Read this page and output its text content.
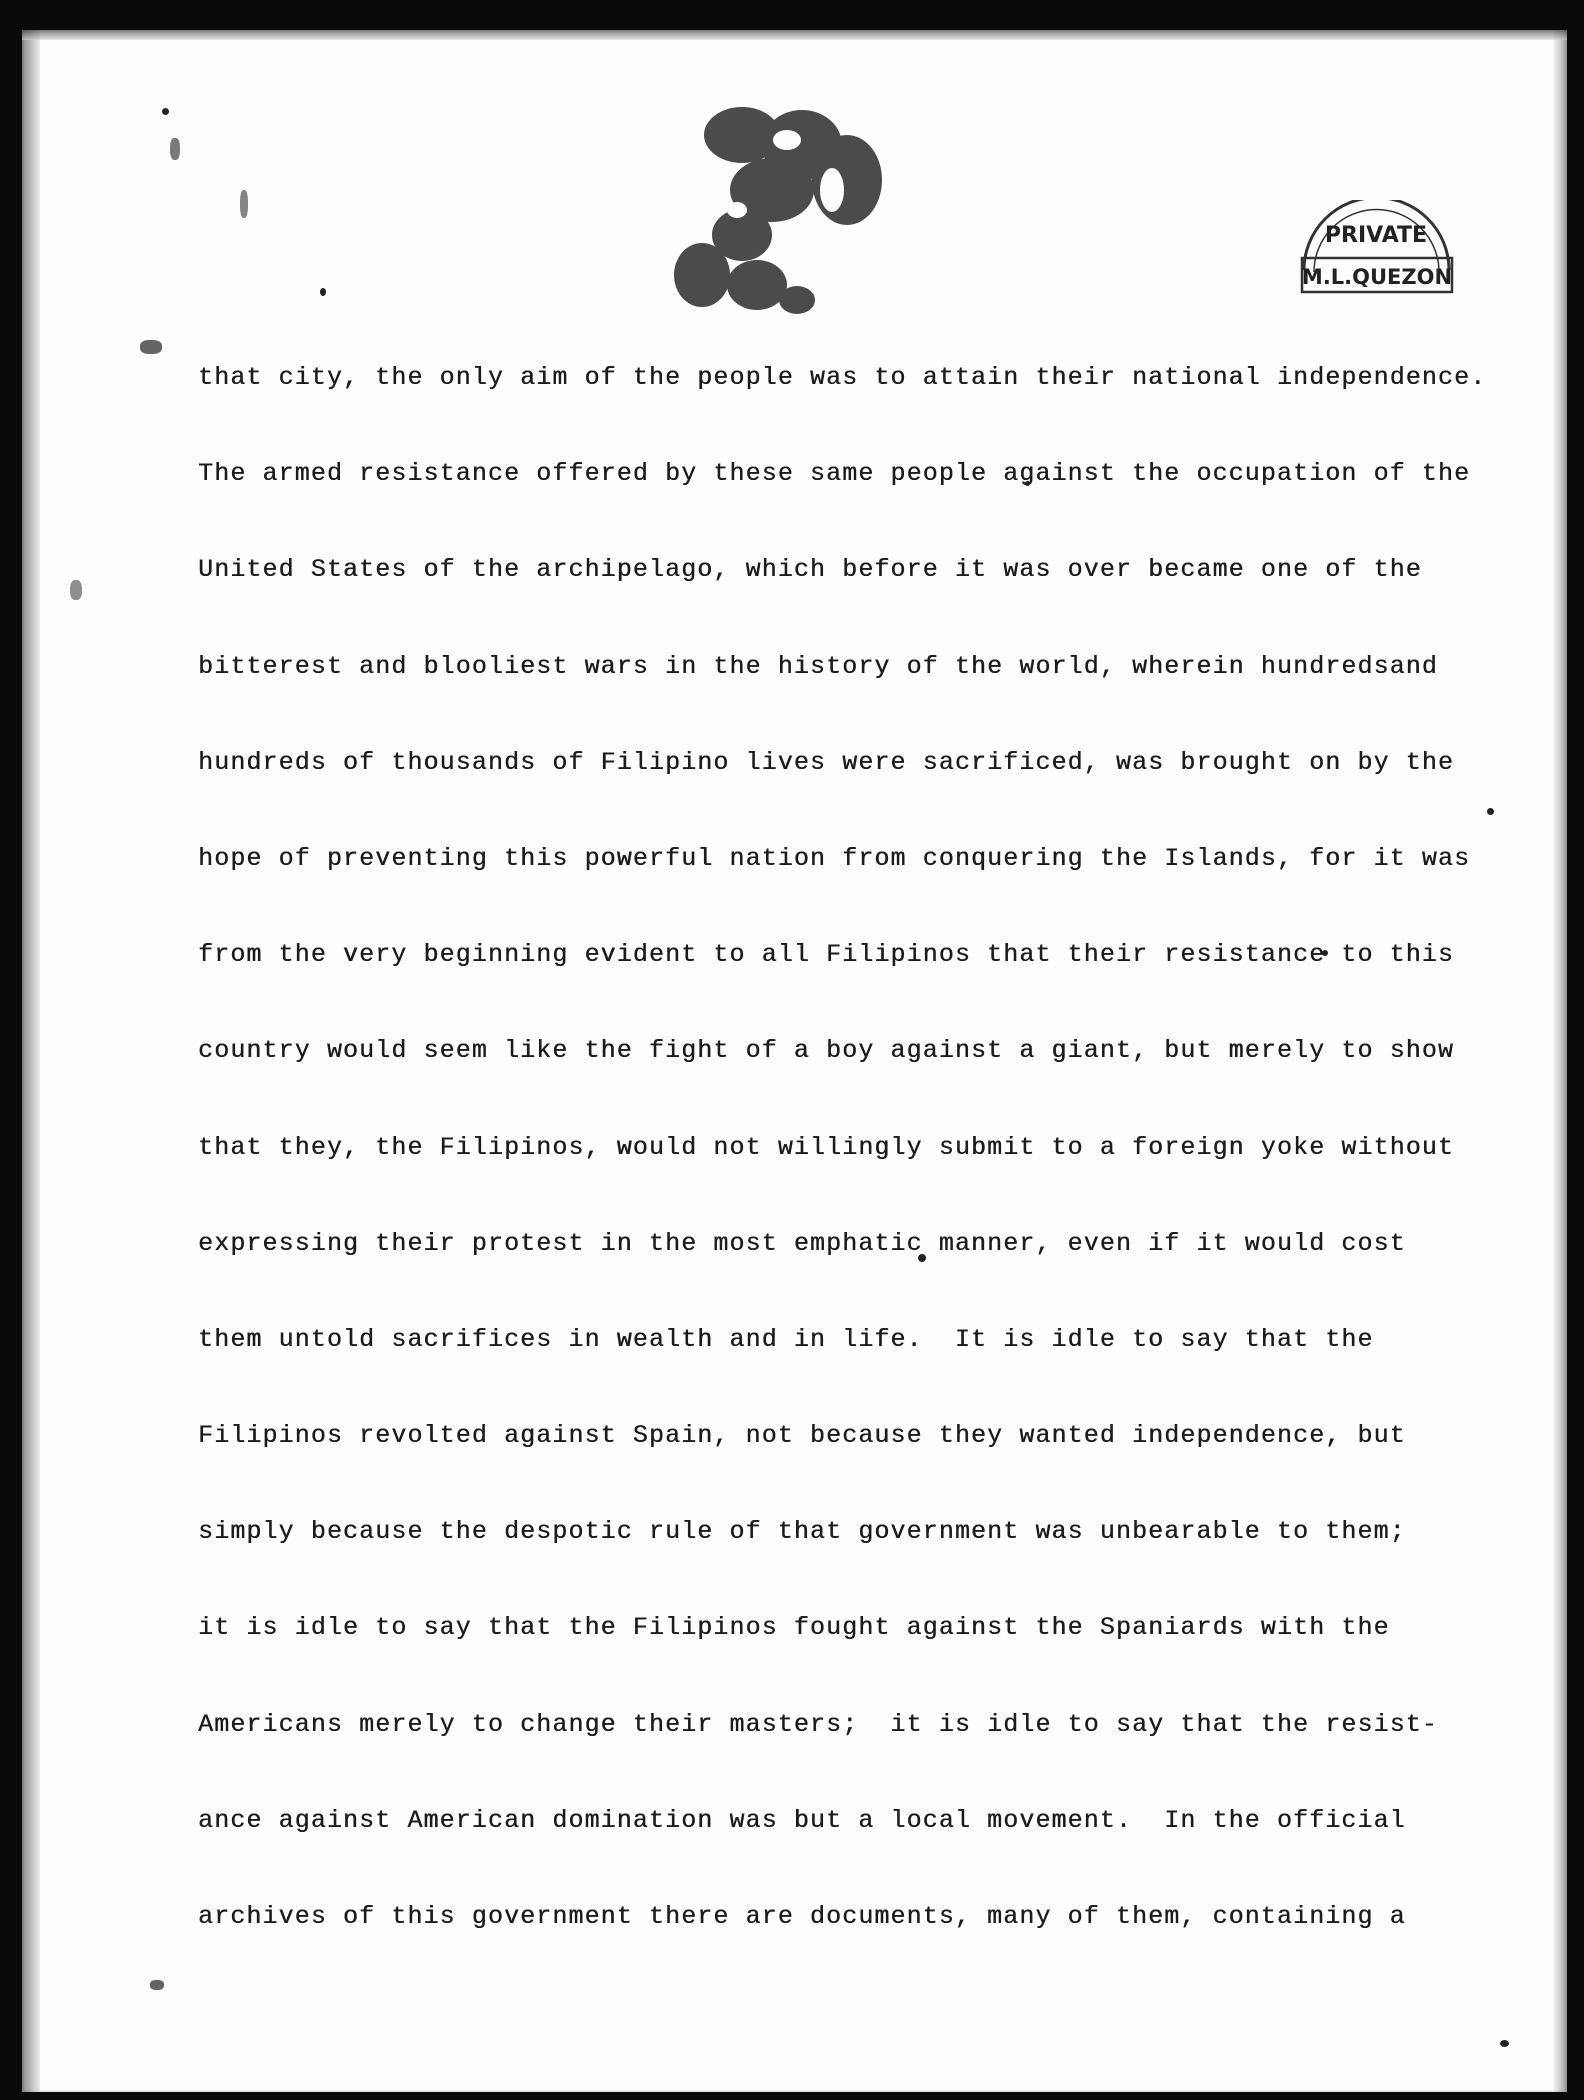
PRIVATE
M.L.QUEZON
that city, the only aim of the people was to attain their national independence.
The armed resistance offered by these same people against the occupation of the
United States of the archipelago, which before it was over became one of the
bitterest and blooliest wars in the history of the world, wherein hundredsand
hundreds of thousands of Filipino lives were sacrificed, was brought on by the
hope of preventing this powerful nation from conquering the Islands, for it was
from the very beginning evident to all Filipinos that their resistance to this
country would seem like the fight of a boy against a giant, but merely to show
that they, the Filipinos, would not willingly submit to a foreign yoke without
expressing their protest in the most emphatic manner, even if it would cost
them untold sacrifices in wealth and in life.  It is idle to say that the
Filipinos revolted against Spain, not because they wanted independence, but
simply because the despotic rule of that government was unbearable to them;
it is idle to say that the Filipinos fought against the Spaniards with the
Americans merely to change their masters;  it is idle to say that the resist-
ance against American domination was but a local movement.  In the official
archives of this government there are documents, many of them, containing a
